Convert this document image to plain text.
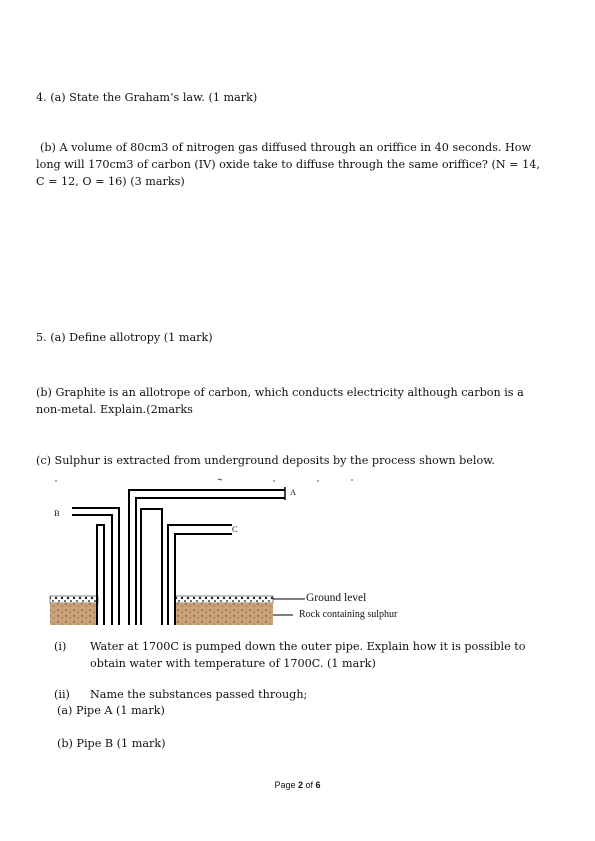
4. (a) State the Graham’s law. (1 mark)
(b) A volume of 80cm3 of nitrogen gas diffused through an oriffice in 40 seconds. How
long will 170cm3 of carbon (IV) oxide take to diffuse through the same oriffice? (N = 14,
C = 12, O = 16) (3 marks)
5. (a) Define allotropy (1 mark)
(b) Graphite is an allotrope of carbon, which conducts electricity although carbon is a
non-metal. Explain.(2marks
(c) Sulphur is extracted from underground deposits by the process shown below.
A
B
C
Ground level
Rock containing sulphur
(i) Water at 1700C is pumped down the outer pipe. Explain how it is possible to
obtain water with temperature of 1700C. (1 mark)
(ii) Name the substances passed through;
(a) Pipe A (1 mark)
(b) Pipe B (1 mark)
Page 2 of 6
